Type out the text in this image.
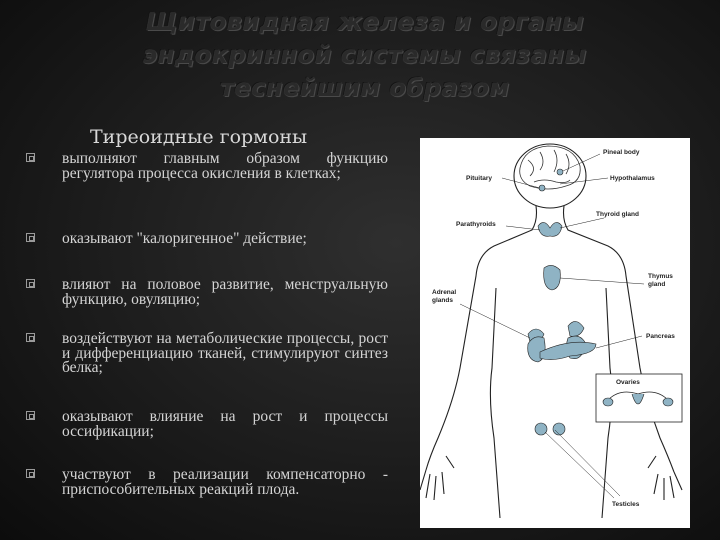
Щитовидная железа и органы эндокринной системы связаны теснейшим образом
Тиреоидные гормоны
выполняют главным образом функцию регулятора процесса окисления в клетках;
оказывают "калоригенное" действие;
влияют на половое развитие, менструальную функцию, овуляцию;
воздействуют на метаболические процессы, рост и дифференциацию тканей, стимулируют синтез белка;
оказывают влияние на рост и процессы оссификации;
участвуют в реализации компенсаторно - приспособительных реакций плода.
Pineal body
Pituitary	Hypothalamus
Thyroid gland
Parathyroids
Thymus
gland
Adrenal
glands
Pancreas
Ovaries
Testicles
